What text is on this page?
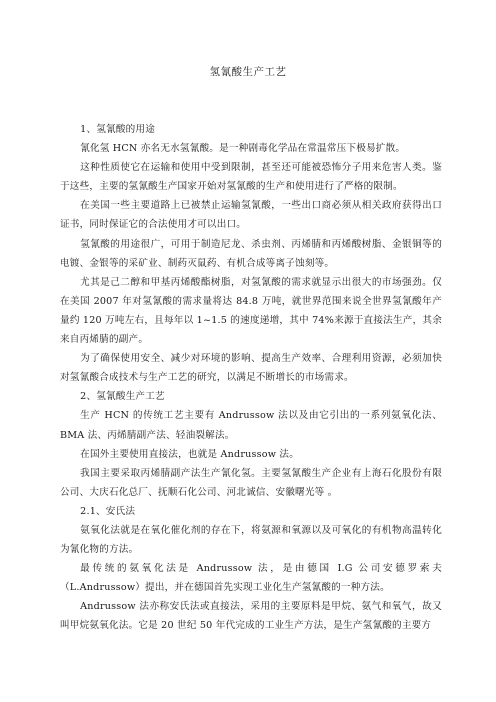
氢氰酸生产工艺

1、氢氰酸的用途

氰化氢 HCN 亦名无水氢氰酸。是一种剧毒化学品在常温常压下极易扩散。

这种性质使它在运输和使用中受到限制，甚至还可能被恐怖分子用来危害人类。鉴于这些，主要的氢氰酸生产国家开始对氢氰酸的生产和使用进行了严格的限制。

在美国一些主要道路上已被禁止运输氢氰酸，一些出口商必须从相关政府获得出口证书，同时保证它的合法使用才可以出口。

氢氰酸的用途很广，可用于制造尼龙、杀虫剂、丙烯腈和丙烯酸树脂、金银铜等的电镀、金银等的采矿业、制药灭鼠药、有机合成等离子蚀刻等。

尤其是己二醇和甲基丙烯酸酯树脂，对氢氰酸的需求就显示出很大的市场强劲。仅在美国 2007 年对氢氰酸的需求量将达 84.8 万吨，就世界范围来说全世界氢氰酸年产量约 120 万吨左右，且每年以 1~1.5 的速度递增，其中 74%来源于直接法生产，其余来自丙烯腈的副产。

为了确保使用安全、减少对环境的影响、提高生产效率、合理利用资源，必须加快对氢氰酸合成技术与生产工艺的研究，以满足不断增长的市场需求。

2、氢氰酸生产工艺

生产 HCN 的传统工艺主要有 Andrussow 法以及由它引出的一系列氨氧化法、BMA 法、丙烯腈副产法、轻油裂解法。

在国外主要使用直接法，也就是 Andrussow 法。

我国主要采取丙烯腈副产法生产氰化氢。主要氢氰酸生产企业有上海石化股份有限公司、大庆石化总厂、抚顺石化公司、河北诚信、安徽曙光等 。

2.1、安氏法

氨氧化法就是在氧化催化剂的存在下，将氨源和氧源以及可氧化的有机物高温转化为氰化物的方法。

最传统的氨氧化法是 Andrussow 法，是由德国 I.G 公司安德罗索夫（L.Andrussow）提出，并在德国首先实现工业化生产氢氰酸的一种方法。

Andrussow 法亦称安氏法或直接法，采用的主要原料是甲烷、氨气和氧气，故又叫甲烷氨氧化法。它是 20 世纪 50 年代完成的工业生产方法，是生产氢氰酸的主要方
